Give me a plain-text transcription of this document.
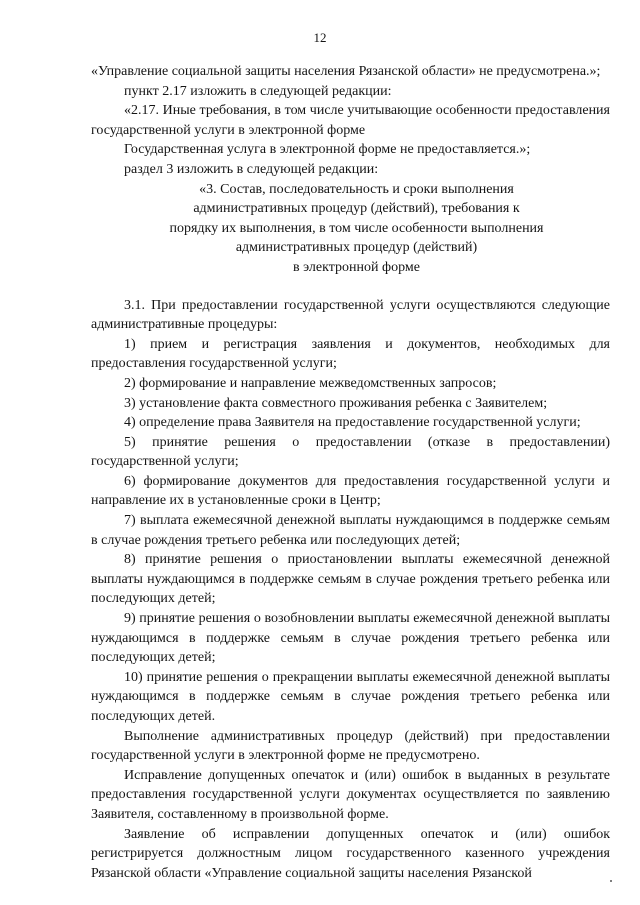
12

«Управление социальной защиты населения Рязанской области» не предусмотрена.»;

пункт 2.17 изложить в следующей редакции:

«2.17. Иные требования, в том числе учитывающие особенности предоставления государственной услуги в электронной форме

Государственная услуга в электронной форме не предоставляется.»;

раздел 3 изложить в следующей редакции:

«3. Состав, последовательность и сроки выполнения
административных процедур (действий), требования к
порядку их выполнения, в том числе особенности выполнения
административных процедур (действий)
в электронной форме

3.1. При предоставлении государственной услуги осуществляются следующие административные процедуры:

1) прием и регистрация заявления и документов, необходимых для предоставления государственной услуги;

2) формирование и направление межведомственных запросов;

3) установление факта совместного проживания ребенка с Заявителем;

4) определение права Заявителя на предоставление государственной услуги;

5) принятие решения о предоставлении (отказе в предоставлении) государственной услуги;

6) формирование документов для предоставления государственной услуги и направление их в установленные сроки в Центр;

7) выплата ежемесячной денежной выплаты нуждающимся в поддержке семьям в случае рождения третьего ребенка или последующих детей;

8) принятие решения о приостановлении выплаты ежемесячной денежной выплаты нуждающимся в поддержке семьям в случае рождения третьего ребенка или последующих детей;

9) принятие решения о возобновлении выплаты ежемесячной денежной выплаты нуждающимся в поддержке семьям в случае рождения третьего ребенка или последующих детей;

10) принятие решения о прекращении выплаты ежемесячной денежной выплаты нуждающимся в поддержке семьям в случае рождения третьего ребенка или последующих детей.

Выполнение административных процедур (действий) при предоставлении государственной услуги в электронной форме не предусмотрено.

Исправление допущенных опечаток и (или) ошибок в выданных в результате предоставления государственной услуги документах осуществляется по заявлению Заявителя, составленному в произвольной форме.

Заявление об исправлении допущенных опечаток и (или) ошибок регистрируется должностным лицом государственного казенного учреждения Рязанской области «Управление социальной защиты населения Рязанской
